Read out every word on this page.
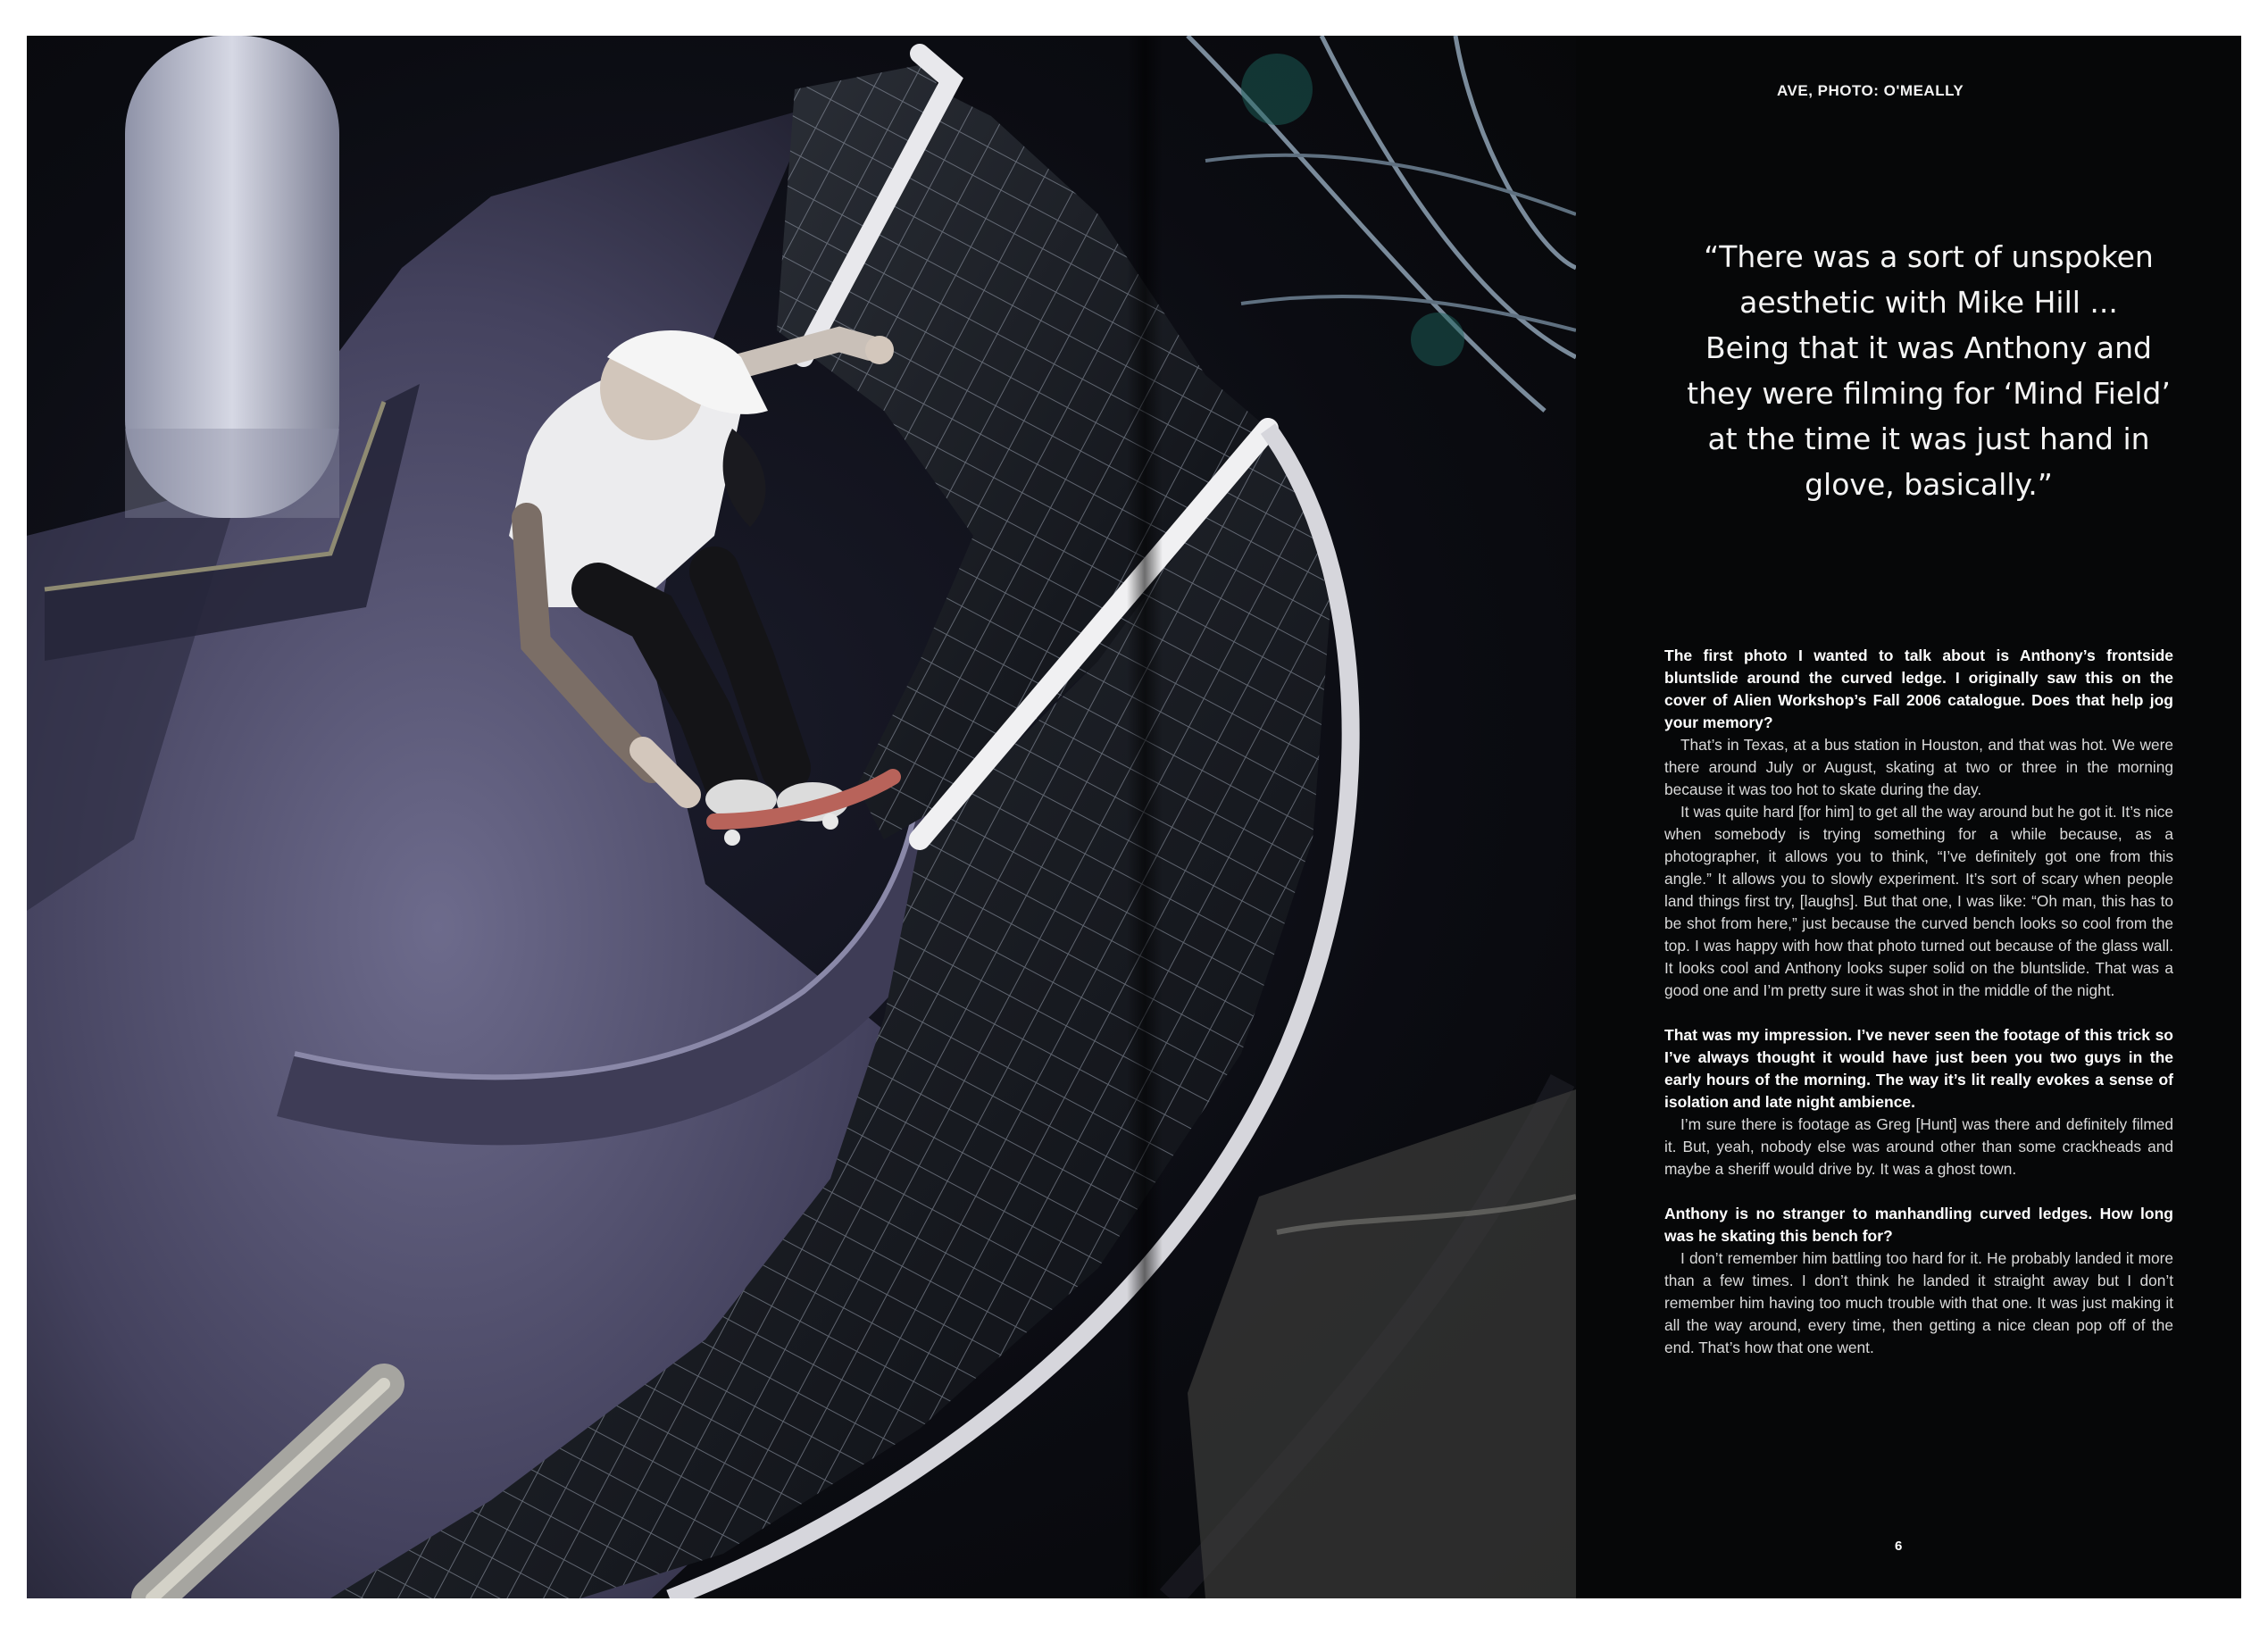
AVE, PHOTO: O'MEALLY
“There was a sort of unspoken
aesthetic with Mike Hill ...
Being that it was Anthony and
they were filming for ‘Mind Field’
at the time it was just hand in
glove, basically.”

The first photo I wanted to talk about is Anthony’s frontside bluntslide around the curved ledge. I originally saw this on the cover of Alien Workshop’s Fall 2006 catalogue. Does that help jog your memory?

That’s in Texas, at a bus station in Houston, and that was hot. We were there around July or August, skating at two or three in the morning because it was too hot to skate during the day.

It was quite hard [for him] to get all the way around but he got it. It’s nice when somebody is trying something for a while because, as a photographer, it allows you to think, “I’ve definitely got one from this angle.” It allows you to slowly experiment. It’s sort of scary when people land things first try, [laughs]. But that one, I was like: “Oh man, this has to be shot from here,” just because the curved bench looks so cool from the top. I was happy with how that photo turned out because of the glass wall. It looks cool and Anthony looks super solid on the bluntslide. That was a good one and I’m pretty sure it was shot in the middle of the night.

That was my impression. I’ve never seen the footage of this trick so I’ve always thought it would have just been you two guys in the early hours of the morning. The way it’s lit really evokes a sense of isolation and late night ambience.

I’m sure there is footage as Greg [Hunt] was there and definitely filmed it. But, yeah, nobody else was around other than some crackheads and maybe a sheriff would drive by. It was a ghost town.

Anthony is no stranger to manhandling curved ledges. How long was he skating this bench for?

I don’t remember him battling too hard for it. He probably landed it more than a few times. I don’t think he landed it straight away but I don’t remember him having too much trouble with that one. It was just making it all the way around, every time, then getting a nice clean pop off of the end. That’s how that one went.

6
